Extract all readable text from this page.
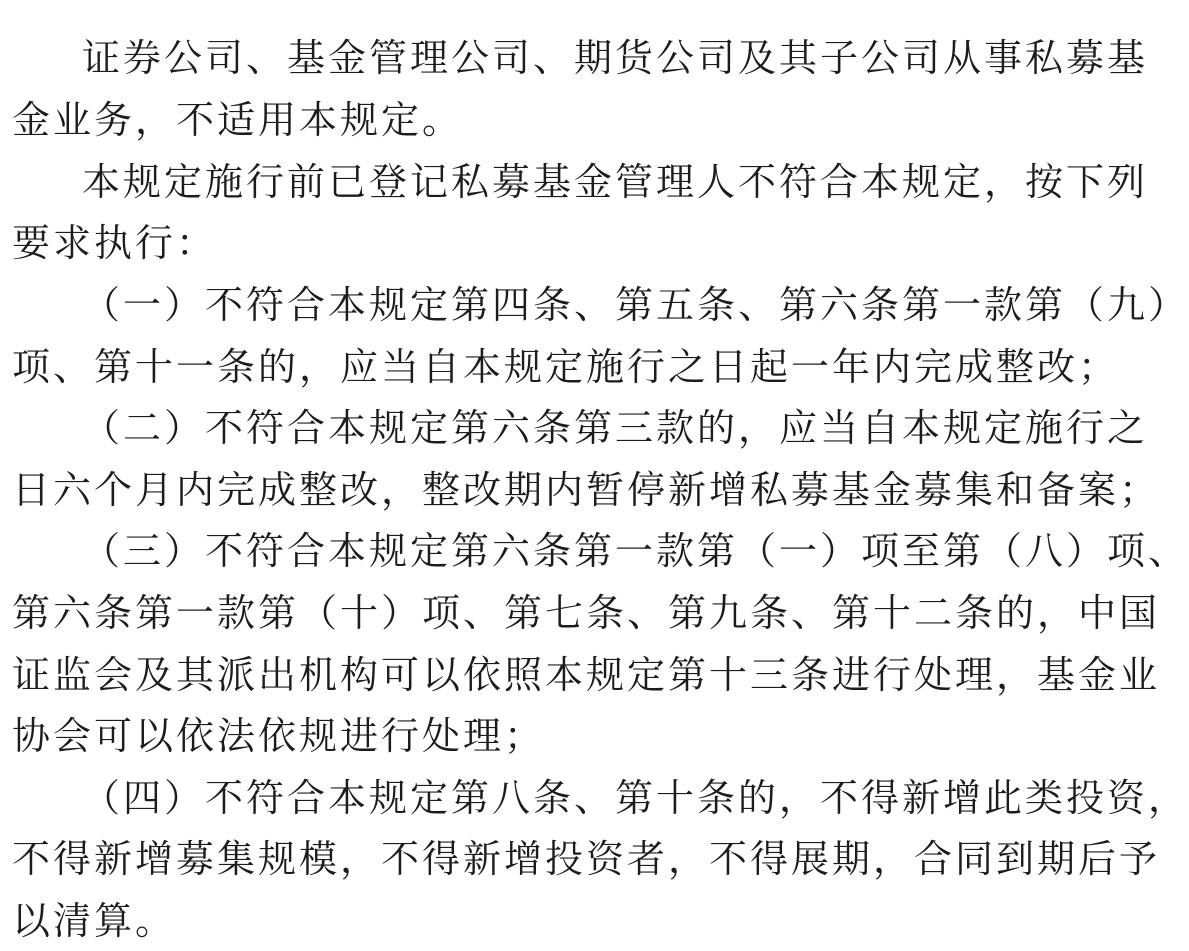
证券公司、基金管理公司、期货公司及其子公司从事私募基
金业务，不适用本规定。
本规定施行前已登记私募基金管理人不符合本规定，按下列
要求执行：
（一）不符合本规定第四条、第五条、第六条第一款第（九）
项、第十一条的，应当自本规定施行之日起一年内完成整改；
（二）不符合本规定第六条第三款的，应当自本规定施行之
日六个月内完成整改，整改期内暂停新增私募基金募集和备案；
（三）不符合本规定第六条第一款第（一）项至第（八）项、
第六条第一款第（十）项、第七条、第九条、第十二条的，中国
证监会及其派出机构可以依照本规定第十三条进行处理，基金业
协会可以依法依规进行处理；
（四）不符合本规定第八条、第十条的，不得新增此类投资，
不得新增募集规模，不得新增投资者，不得展期，合同到期后予
以清算。
